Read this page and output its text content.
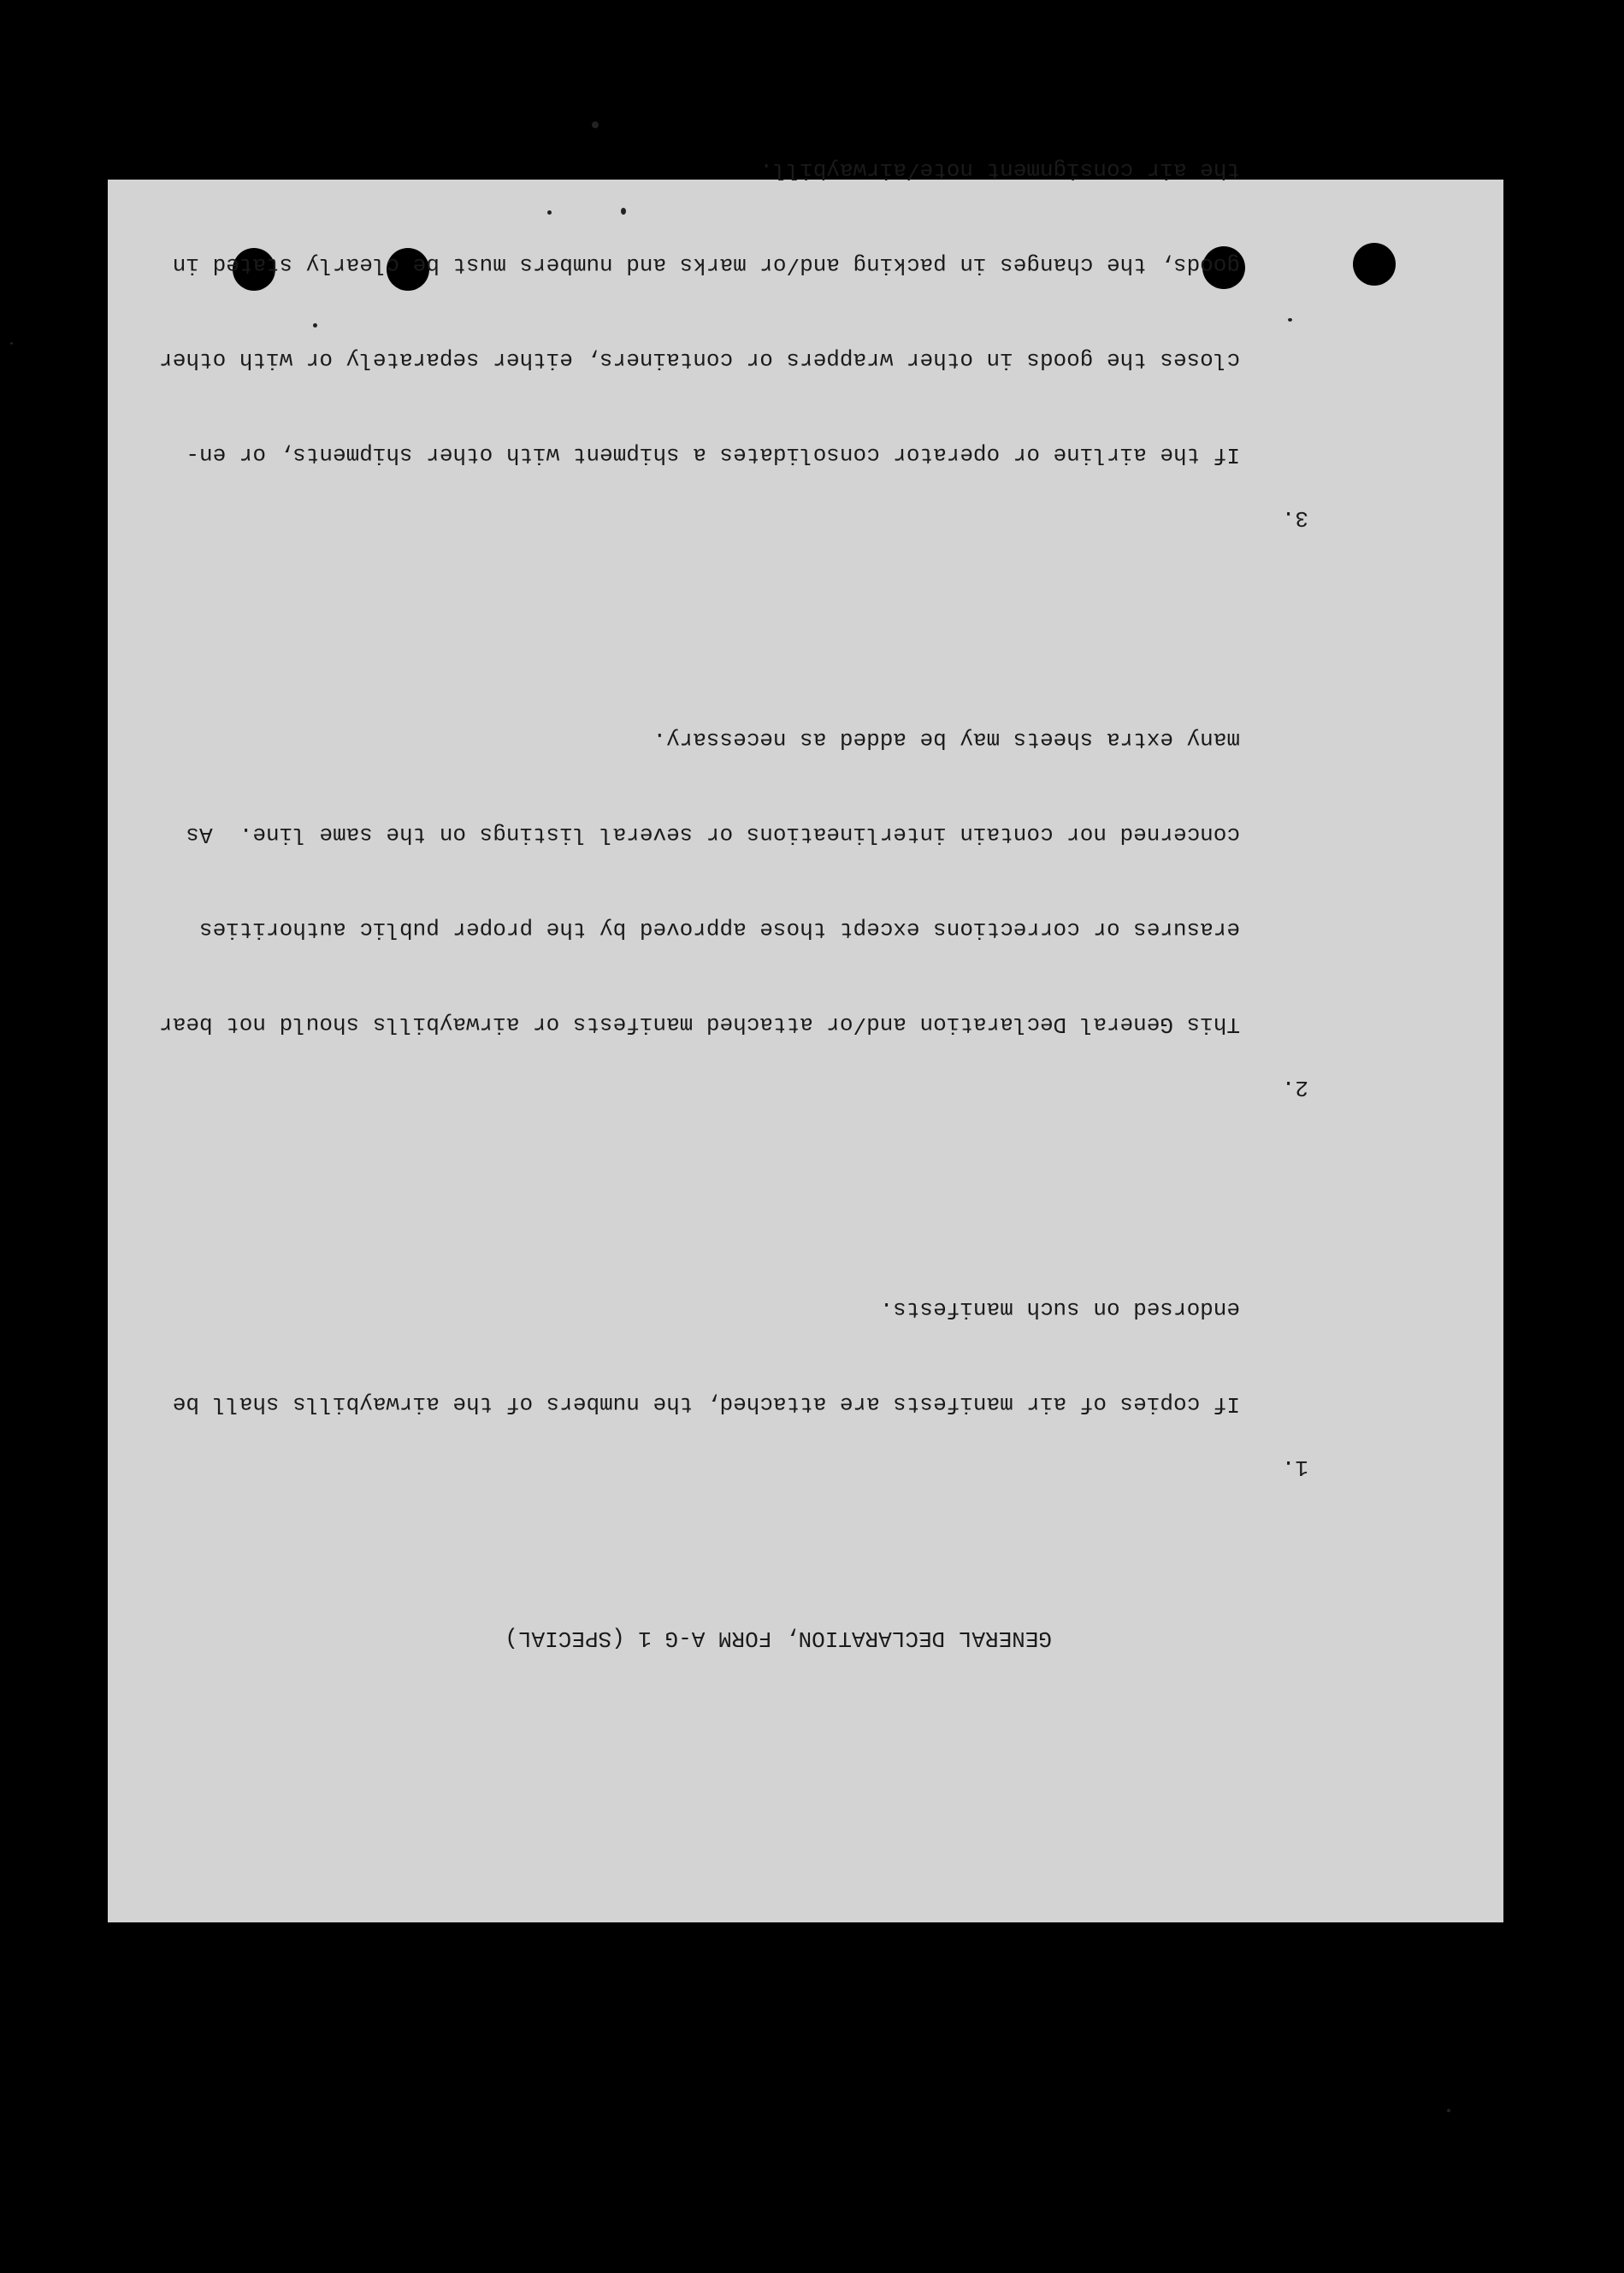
GENERAL DECLARATION, FORM A-G 1 (SPECIAL)

1.

If copies of air manifests are attached, the numbers of the airwaybills shall be

endorsed on such manifests.

2.

This General Declaration and/or attached manifests or airwaybills should not bear

erasures or corrections except those approved by the proper public authorities

concerned nor contain interlineations or several listings on the same line.  As

many extra sheets may be added as necessary.

3.

If the airline or operator consolidates a shipment with other shipments, or en-

closes the goods in other wrappers or containers, either separately or with other

goods, the changes in packing and/or marks and numbers must be clearly stated in

the air consignment note/airwaybill.
